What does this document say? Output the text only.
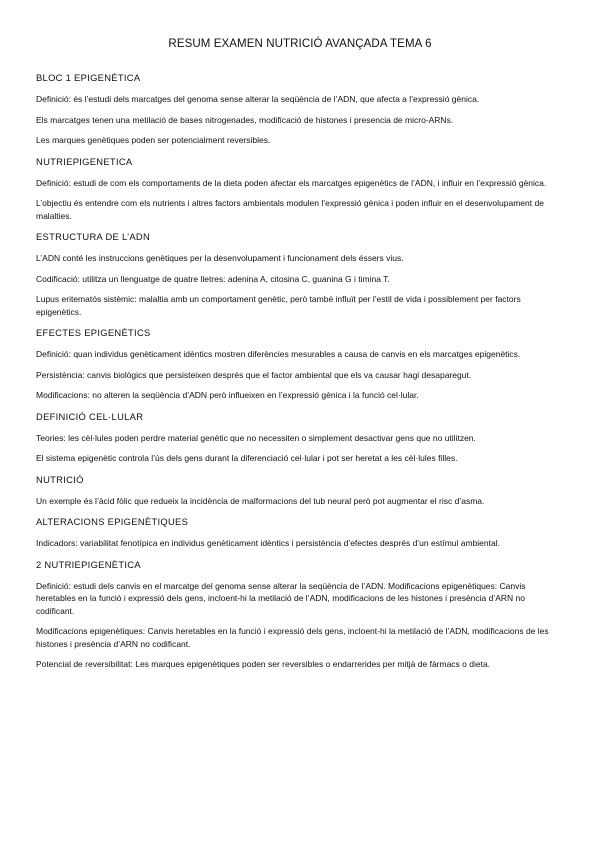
RESUM EXAMEN NUTRICIÓ AVANÇADA TEMA 6
BLOC 1 EPIGENÈTICA

Definició: és l’estudi dels marcatges del genoma sense alterar la seqüència de l’ADN, que afecta a l’expressió gènica.

Els marcatges tenen una metilació de bases nitrogenades, modificació de histones i presencia de micro-ARNs.

Les marques genètiques poden ser potencialment reversibles.

NUTRIEPIGENETICA

Definició: estudi de com els comportaments de la dieta poden afectar els marcatges epigenètics de l’ADN, i influir en l’expressió gènica.

L’objectiu és entendre com els nutrients i altres factors ambientals modulen l’expressió gènica i poden influir en el desenvolupament de malalties.

ESTRUCTURA DE L’ADN

L’ADN conté les instruccions genètiques per la desenvolupament i funcionament dels éssers vius.

Codificació: utilitza un llenguatge de quatre lletres: adenina A, citosina C, guanina G i timina T.

Lupus eritematós sistèmic: malaltia amb un comportament genètic, però també influït per l’estil de vida i possiblement per factors epigenètics.

EFECTES EPIGENÈTICS

Definició: quan individus genèticament idèntics mostren diferències mesurables a causa de canvis en els marcatges epigenètics.

Persistència: canvis biològics que persisteixen després que el factor ambiental que els va causar hagi desaparegut.

Modificacions: no alteren la seqüència d’ADN però influeixen en l’expressió gènica i la funció cel·lular.

DEFINICIÓ CEL·LULAR

Teories: les cèl·lules poden perdre material genètic que no necessiten o simplement desactivar gens que no utilitzen.

El sistema epigenètic controla l’ús dels gens durant la diferenciació cel·lular i pot ser heretat a les cèl·lules filles.

NUTRICIÓ

Un exemple és l’àcid fòlic que redueix la incidència de malformacions del tub neural però pot augmentar el risc d’asma.

ALTERACIONS EPIGENÈTIQUES

Indicadors: variabilitat fenotípica en individus genèticament idèntics i persistència d’efectes després d’un estímul ambiental.

2 NUTRIEPIGENÈTICA

Definició: estudi dels canvis en el marcatge del genoma sense alterar la seqüència de l’ADN. Modificacions epigenètiques: Canvis heretables en la funció i expressió dels gens, incloent-hi la metilació de l’ADN, modificacions de les histones i presència d’ARN no codificant.

Modificacions epigenètiques: Canvis heretables en la funció i expressió dels gens, incloent-hi la metilació de l’ADN, modificacions de les histones i presència d’ARN no codificant.

Potencial de reversibilitat: Les marques epigenètiques poden ser reversibles o endarrerides per mitjà de fàrmacs o dieta.
